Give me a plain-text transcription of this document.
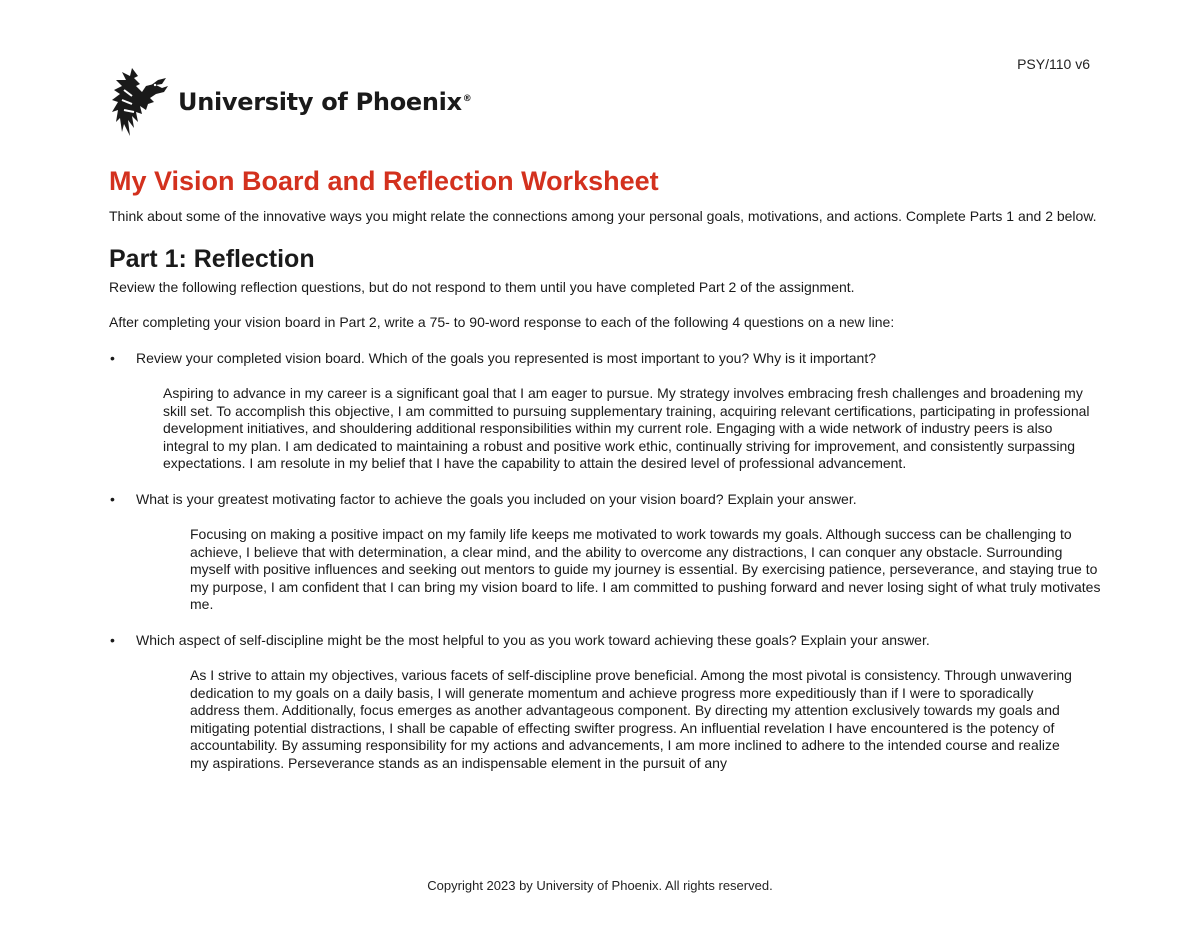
PSY/110 v6
University of Phoenix®
My Vision Board and Reflection Worksheet

Think about some of the innovative ways you might relate the connections among your personal goals, motivations, and actions. Complete Parts 1 and 2 below.

Part 1: Reflection

Review the following reflection questions, but do not respond to them until you have completed Part 2 of the assignment.

After completing your vision board in Part 2, write a 75- to 90-word response to each of the following 4 questions on a new line:

• Review your completed vision board. Which of the goals you represented is most important to you? Why is it important?

Aspiring to advance in my career is a significant goal that I am eager to pursue. My strategy involves embracing fresh challenges and broadening my skill set. To accomplish this objective, I am committed to pursuing supplementary training, acquiring relevant certifications, participating in professional development initiatives, and shouldering additional responsibilities within my current role. Engaging with a wide network of industry peers is also integral to my plan. I am dedicated to maintaining a robust and positive work ethic, continually striving for improvement, and consistently surpassing expectations. I am resolute in my belief that I have the capability to attain the desired level of professional advancement.

• What is your greatest motivating factor to achieve the goals you included on your vision board? Explain your answer.

Focusing on making a positive impact on my family life keeps me motivated to work towards my goals. Although success can be challenging to achieve, I believe that with determination, a clear mind, and the ability to overcome any distractions, I can conquer any obstacle. Surrounding myself with positive influences and seeking out mentors to guide my journey is essential. By exercising patience, perseverance, and staying true to my purpose, I am confident that I can bring my vision board to life. I am committed to pushing forward and never losing sight of what truly motivates me.

• Which aspect of self-discipline might be the most helpful to you as you work toward achieving these goals? Explain your answer.

As I strive to attain my objectives, various facets of self-discipline prove beneficial. Among the most pivotal is consistency. Through unwavering dedication to my goals on a daily basis, I will generate momentum and achieve progress more expeditiously than if I were to sporadically address them. Additionally, focus emerges as another advantageous component. By directing my attention exclusively towards my goals and mitigating potential distractions, I shall be capable of effecting swifter progress. An influential revelation I have encountered is the potency of accountability. By assuming responsibility for my actions and advancements, I am more inclined to adhere to the intended course and realize my aspirations. Perseverance stands as an indispensable element in the pursuit of any

Copyright 2023 by University of Phoenix. All rights reserved.
